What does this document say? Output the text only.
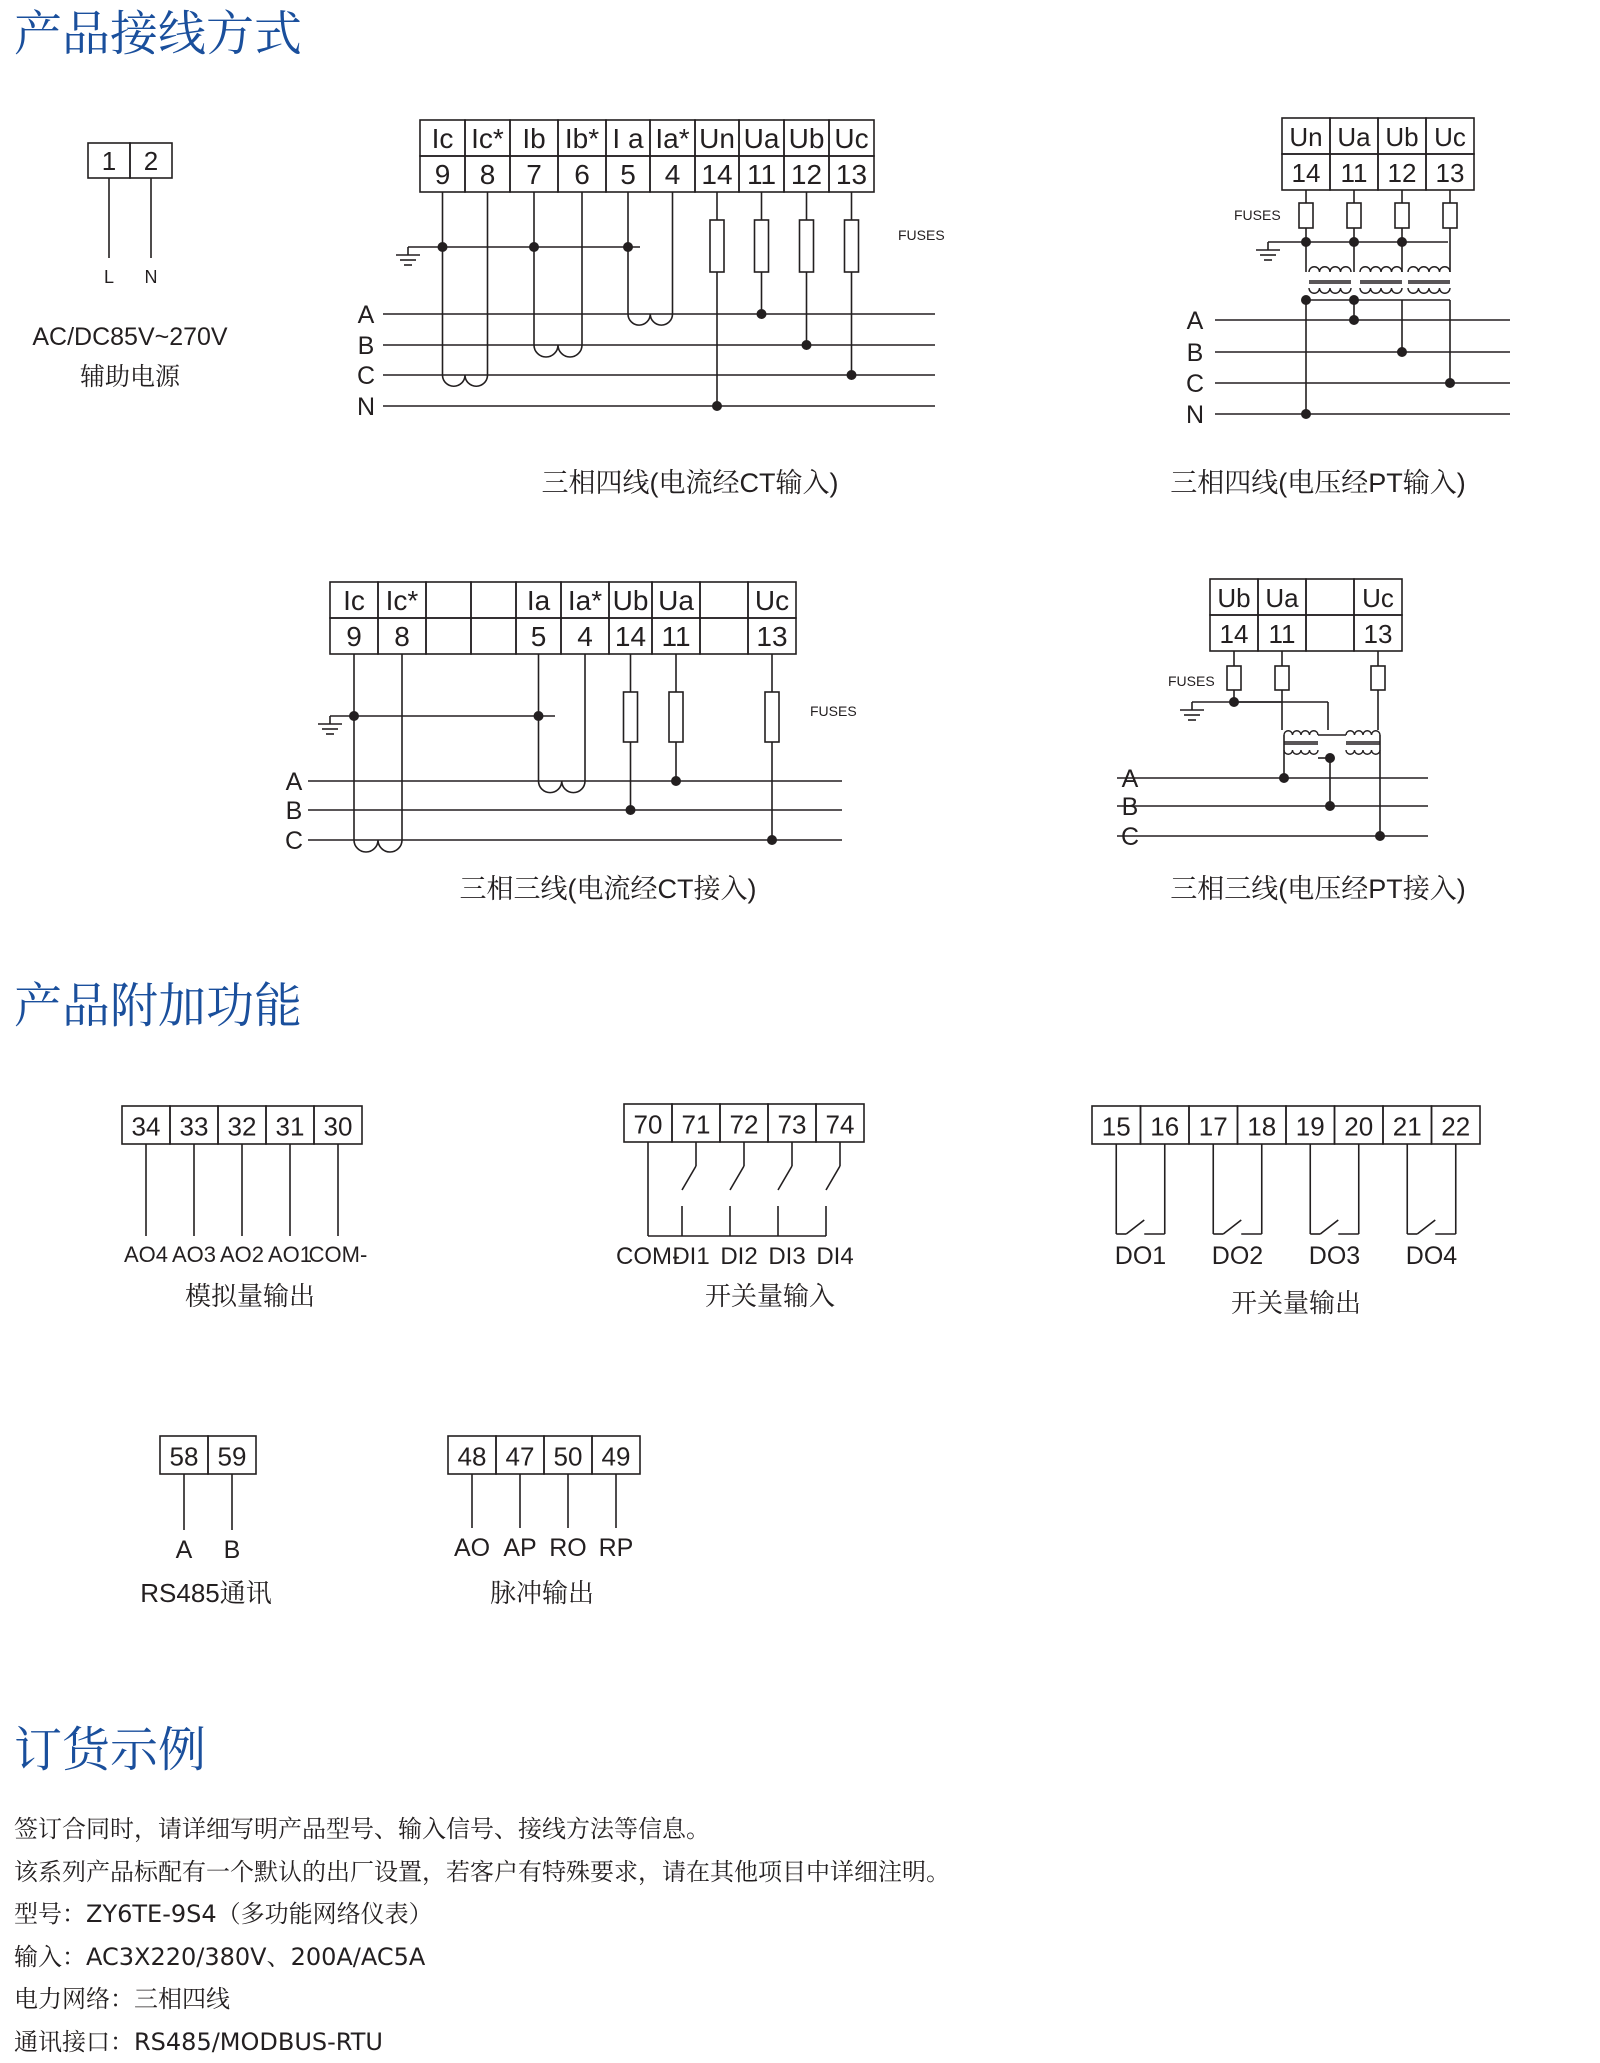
产品接线方式
产品附加功能
订货示例
1 2
L N
AC/DC85V~270V
辅助电源
Ic
9
Ic*
8
Ib
7
Ib*
6
I a
5
Ia*
4
Un
14
Ua
11
Ub
12
Uc
13
A
B
C
N
FUSES
三相四线(电流经CT输入)
Un
14
Ua
11
Ub
12
Uc
13
A
B
C
N
FUSES
三相四线(电压经PT输入)
Ic
9
Ic*
8
Ia
5
Ia*
4
Ub
14
Ua
11
Uc
13
A
B
C
FUSES
三相三线(电流经CT接入)
Ub
14
Ua
11
Uc
13
A
B
C
FUSES
三相三线(电压经PT接入)
34 33 32 31 30
AO4 AO3 AO2 AO1
COM-
模拟量输出
70 71 72 73 74
COM-
DI1 DI2 DI3 DI4
开关量输入
15 16 17 18 19 20 21 22
DO1 DO2 DO3 DO4
开关量输出
58 59
A B
RS485通讯
48 47 50 49
AO AP RO RP
脉冲输出
签订合同时，请详细写明产品型号、输入信号、接线方法等信息。
该系列产品标配有一个默认的出厂设置，若客户有特殊要求，请在其他项目中详细注明。
型号：ZY6TE-9S4（多功能网络仪表）
输入：AC3X220/380V、200A/AC5A
电力网络：三相四线
通讯接口：RS485/MODBUS-RTU
